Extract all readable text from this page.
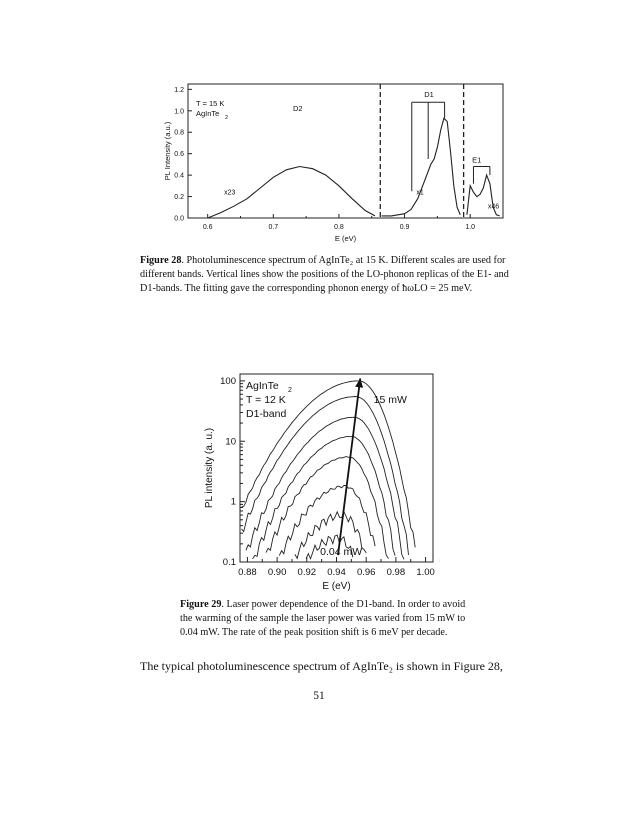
0.6	0.7	0.8	0.9	1.0
0.0
0.2
0.4
0.6
0.8
1.0
1.2
E (eV)
PL Intensity (a.u.)
T = 15 K
AgInTe 2
D2
D1
E1
x23	x1
x46
Figure 28. Photoluminescence spectrum of AgInTe₂ at 15 K. Different scales are used for different bands. Vertical lines show the positions of the LO-phonon replicas of the E1- and D1-bands. The fitting gave the corresponding phonon energy of ħωLO = 25 meV.
0.88 0.90 0.92 0.94 0.96 0.98 1.00
0.1
1
10
100
E (eV)
PL intensity (a. u.)
AgInTe 2
T = 12 K
D1-band
15 mW
0.04 mW
Figure 29. Laser power dependence of the D1-band. In order to avoid the warming of the sample the laser power was varied from 15 mW to 0.04 mW. The rate of the peak position shift is 6 meV per decade.
The typical photoluminescence spectrum of AgInTe₂ is shown in Figure 28,
51
